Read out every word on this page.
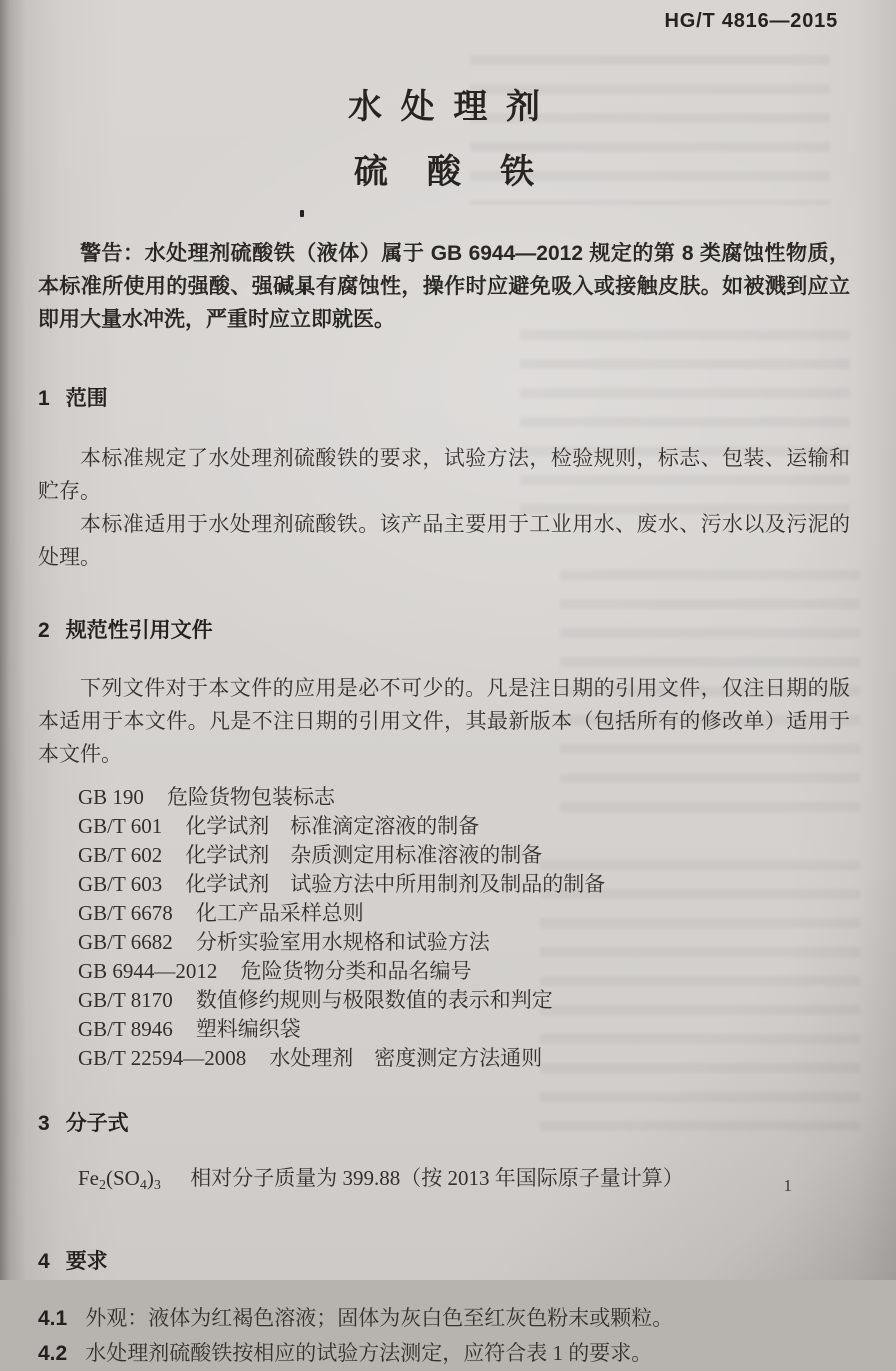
HG/T 4816—2015
水处理剂
硫酸铁

警告：水处理剂硫酸铁（液体）属于 GB 6944—2012 规定的第 8 类腐蚀性物质，本标准所使用的强酸、强碱具有腐蚀性，操作时应避免吸入或接触皮肤。如被溅到应立即用大量水冲洗，严重时应立即就医。

1 范围

本标准规定了水处理剂硫酸铁的要求，试验方法，检验规则，标志、包装、运输和贮存。

本标准适用于水处理剂硫酸铁。该产品主要用于工业用水、废水、污水以及污泥的处理。

2 规范性引用文件

下列文件对于本文件的应用是必不可少的。凡是注日期的引用文件，仅注日期的版本适用于本文件。凡是不注日期的引用文件，其最新版本（包括所有的修改单）适用于本文件。

GB 190 危险货物包装标志
GB/T 601 化学试剂　标准滴定溶液的制备
GB/T 602 化学试剂　杂质测定用标准溶液的制备
GB/T 603 化学试剂　试验方法中所用制剂及制品的制备
GB/T 6678 化工产品采样总则
GB/T 6682 分析实验室用水规格和试验方法
GB 6944—2012 危险货物分类和品名编号
GB/T 8170 数值修约规则与极限数值的表示和判定
GB/T 8946 塑料编织袋
GB/T 22594—2008 水处理剂　密度测定方法通则
3 分子式
$Fe_2(SO_4)_3$ 相对分子质量为 399.88（按 2013 年国际原子量计算）
4 要求

4.1 外观：液体为红褐色溶液；固体为灰白色至红灰色粉末或颗粒。

4.2 水处理剂硫酸铁按相应的试验方法测定，应符合表 1 的要求。

1
